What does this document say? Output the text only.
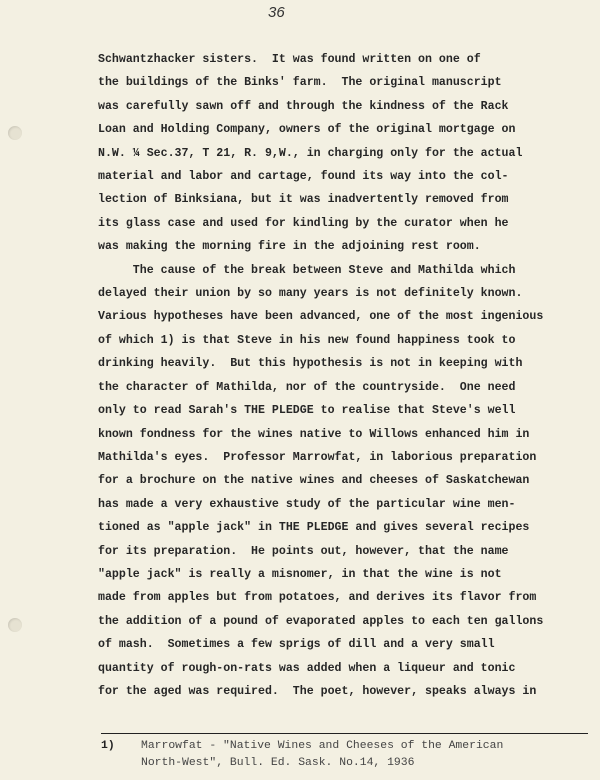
36
Schwantzhacker sisters.  It was found written on one of
the buildings of the Binks' farm.  The original manuscript
was carefully sawn off and through the kindness of the Rack
Loan and Holding Company, owners of the original mortgage on
N.W. ¼ Sec.37, T 21, R. 9,W., in charging only for the actual
material and labor and cartage, found its way into the col-
lection of Binksiana, but it was inadvertently removed from
its glass case and used for kindling by the curator when he
was making the morning fire in the adjoining rest room.
The cause of the break between Steve and Mathilda which
delayed their union by so many years is not definitely known.
Various hypotheses have been advanced, one of the most ingenious
of which 1) is that Steve in his new found happiness took to
drinking heavily.  But this hypothesis is not in keeping with
the character of Mathilda, nor of the countryside.  One need
only to read Sarah's THE PLEDGE to realise that Steve's well
known fondness for the wines native to Willows enhanced him in
Mathilda's eyes.  Professor Marrowfat, in laborious preparation
for a brochure on the native wines and cheeses of Saskatchewan
has made a very exhaustive study of the particular wine men-
tioned as "apple jack" in THE PLEDGE and gives several recipes
for its preparation.  He points out, however, that the name
"apple jack" is really a misnomer, in that the wine is not
made from apples but from potatoes, and derives its flavor from
the addition of a pound of evaporated apples to each ten gallons
of mash.  Sometimes a few sprigs of dill and a very small
quantity of rough-on-rats was added when a liqueur and tonic
for the aged was required.  The poet, however, speaks always in
1)	Marrowfat - "Native Wines and Cheeses of the American
North-West", Bull. Ed. Sask. No.14, 1936
